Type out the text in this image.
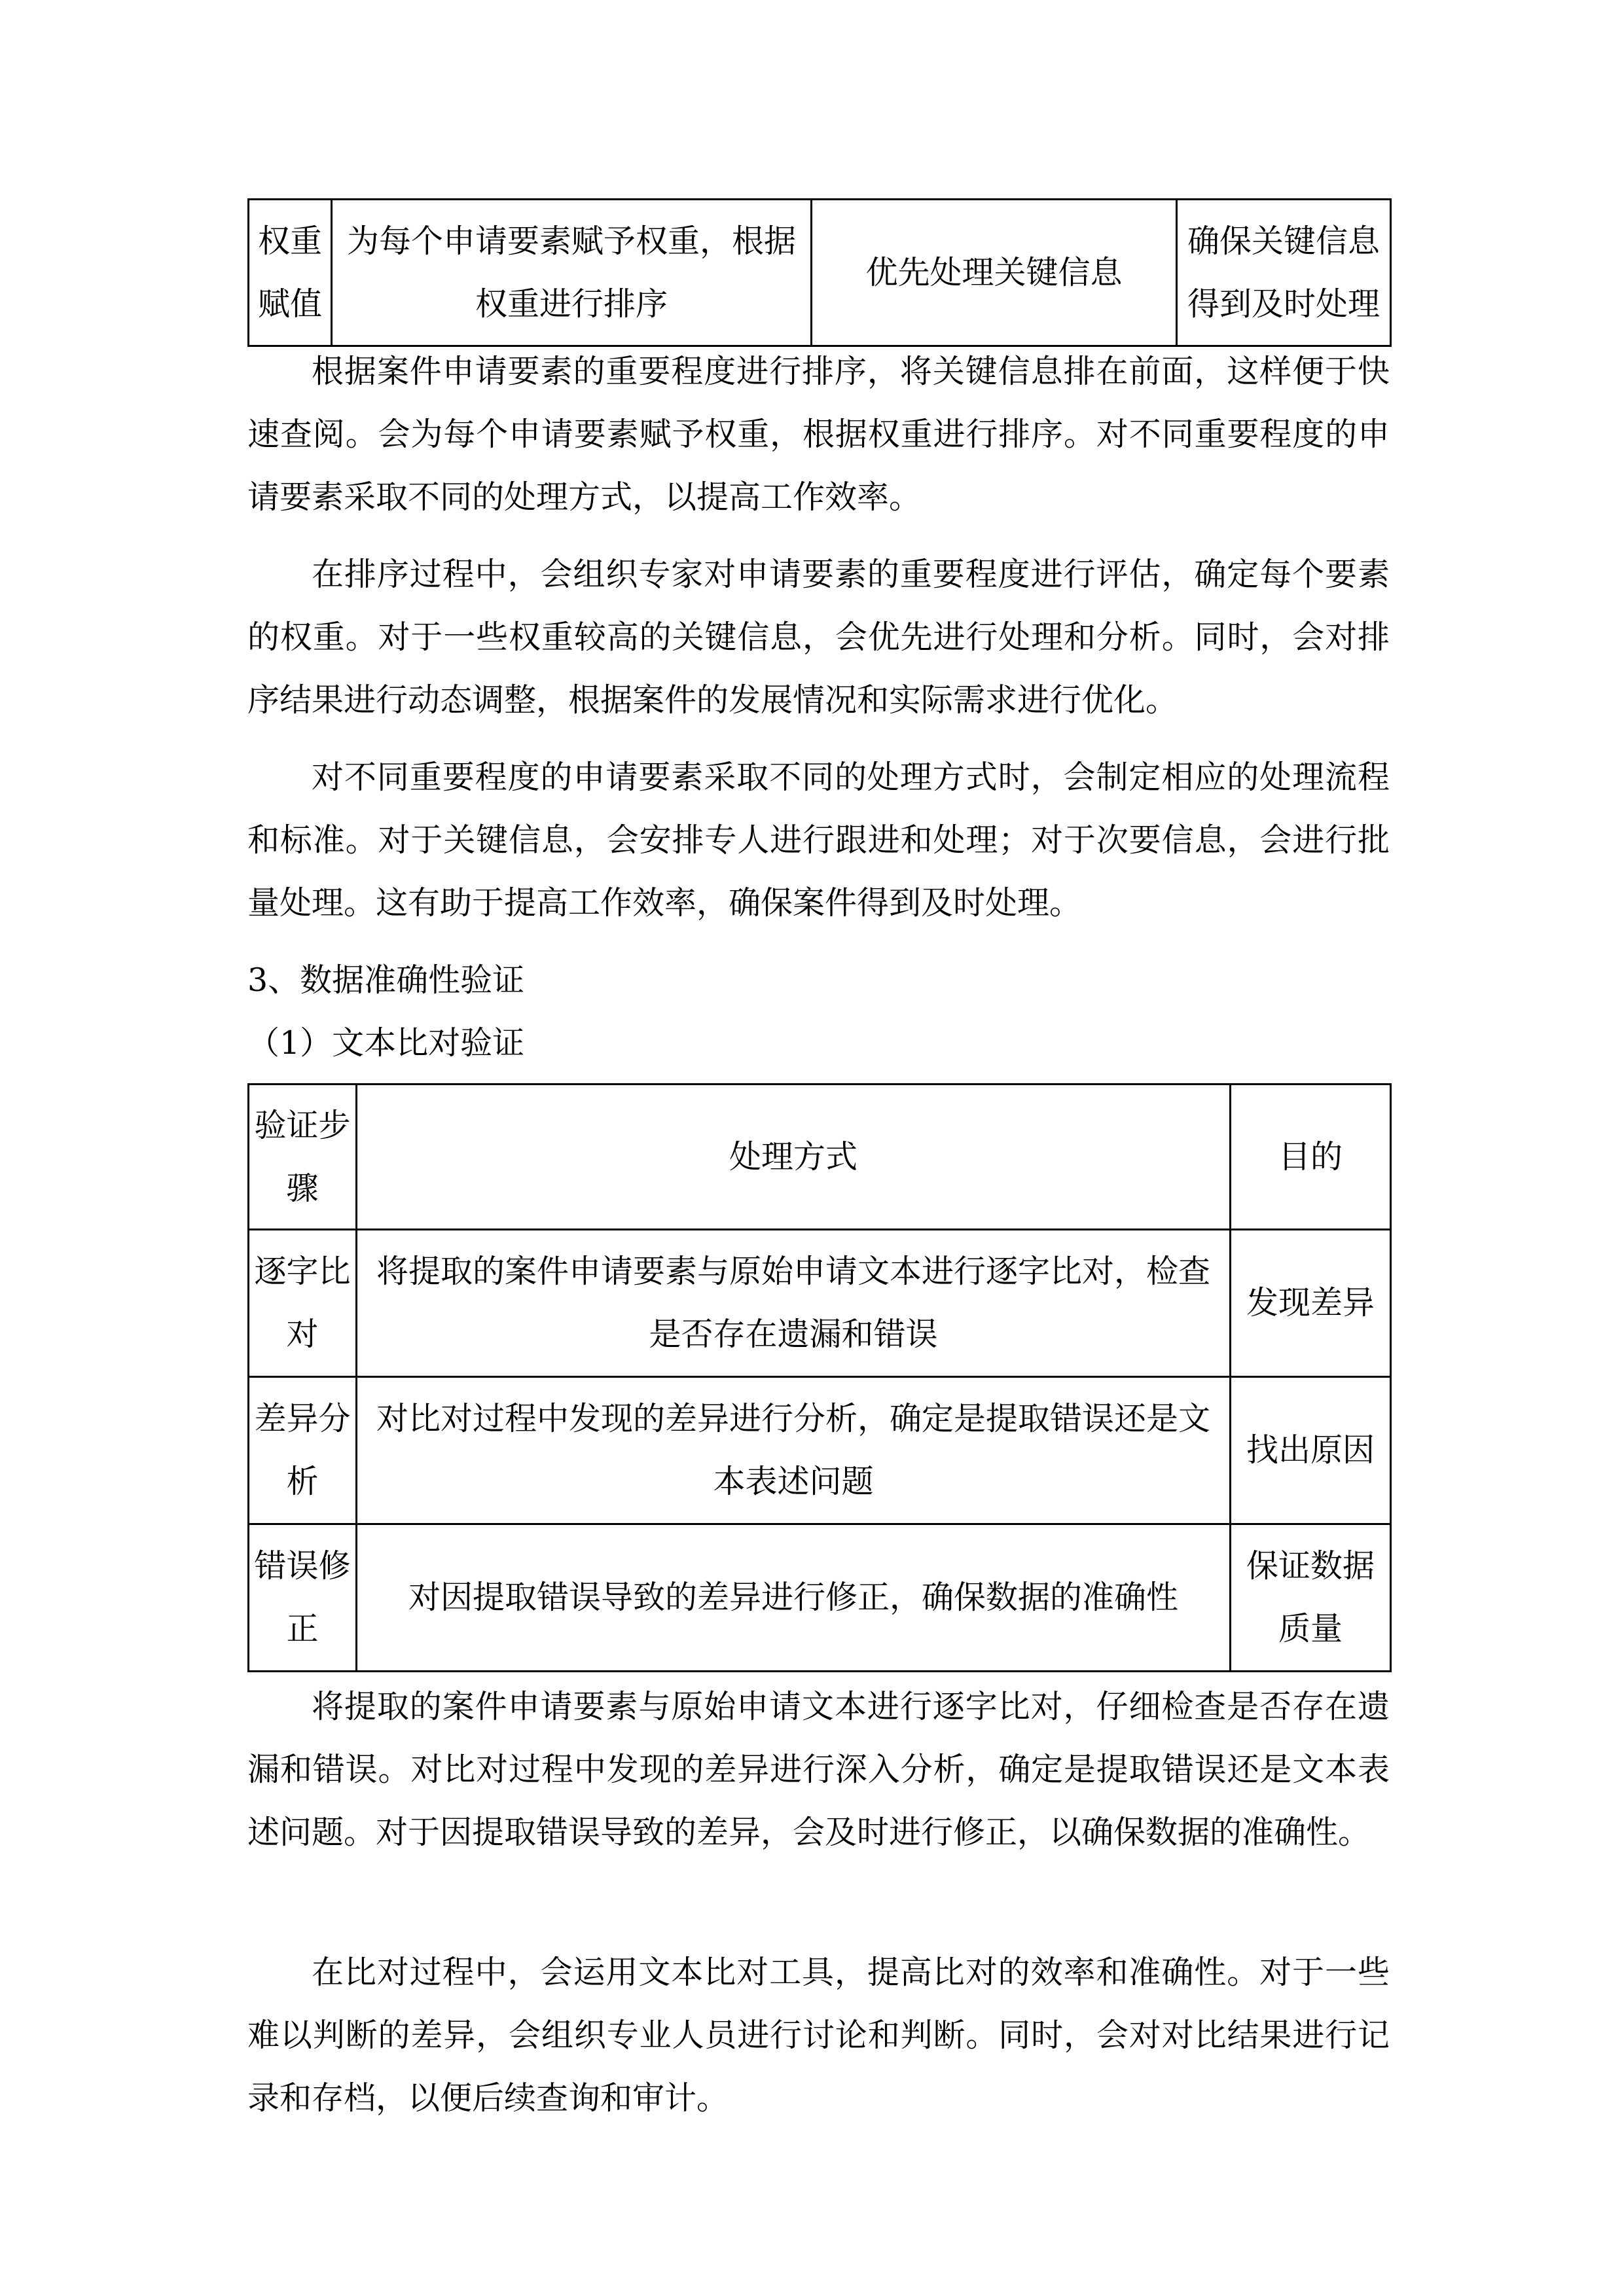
权重赋值	为每个申请要素赋予权重，根据权重进行排序	优先处理关键信息	确保关键信息得到及时处理

根据案件申请要素的重要程度进行排序，将关键信息排在前面，这样便于快速查阅。会为每个申请要素赋予权重，根据权重进行排序。对不同重要程度的申请要素采取不同的处理方式，以提高工作效率。

在排序过程中，会组织专家对申请要素的重要程度进行评估，确定每个要素的权重。对于一些权重较高的关键信息，会优先进行处理和分析。同时，会对排序结果进行动态调整，根据案件的发展情况和实际需求进行优化。

对不同重要程度的申请要素采取不同的处理方式时，会制定相应的处理流程和标准。对于关键信息，会安排专人进行跟进和处理；对于次要信息，会进行批量处理。这有助于提高工作效率，确保案件得到及时处理。

3、数据准确性验证

（1）文本比对验证

验证步骤	处理方式	目的
逐字比对	将提取的案件申请要素与原始申请文本进行逐字比对，检查是否存在遗漏和错误	发现差异
差异分析	对比对过程中发现的差异进行分析，确定是提取错误还是文本表述问题	找出原因
错误修正	对因提取错误导致的差异进行修正，确保数据的准确性	保证数据质量

将提取的案件申请要素与原始申请文本进行逐字比对，仔细检查是否存在遗漏和错误。对比对过程中发现的差异进行深入分析，确定是提取错误还是文本表述问题。对于因提取错误导致的差异，会及时进行修正，以确保数据的准确性。

在比对过程中，会运用文本比对工具，提高比对的效率和准确性。对于一些难以判断的差异，会组织专业人员进行讨论和判断。同时，会对对比结果进行记录和存档，以便后续查询和审计。
